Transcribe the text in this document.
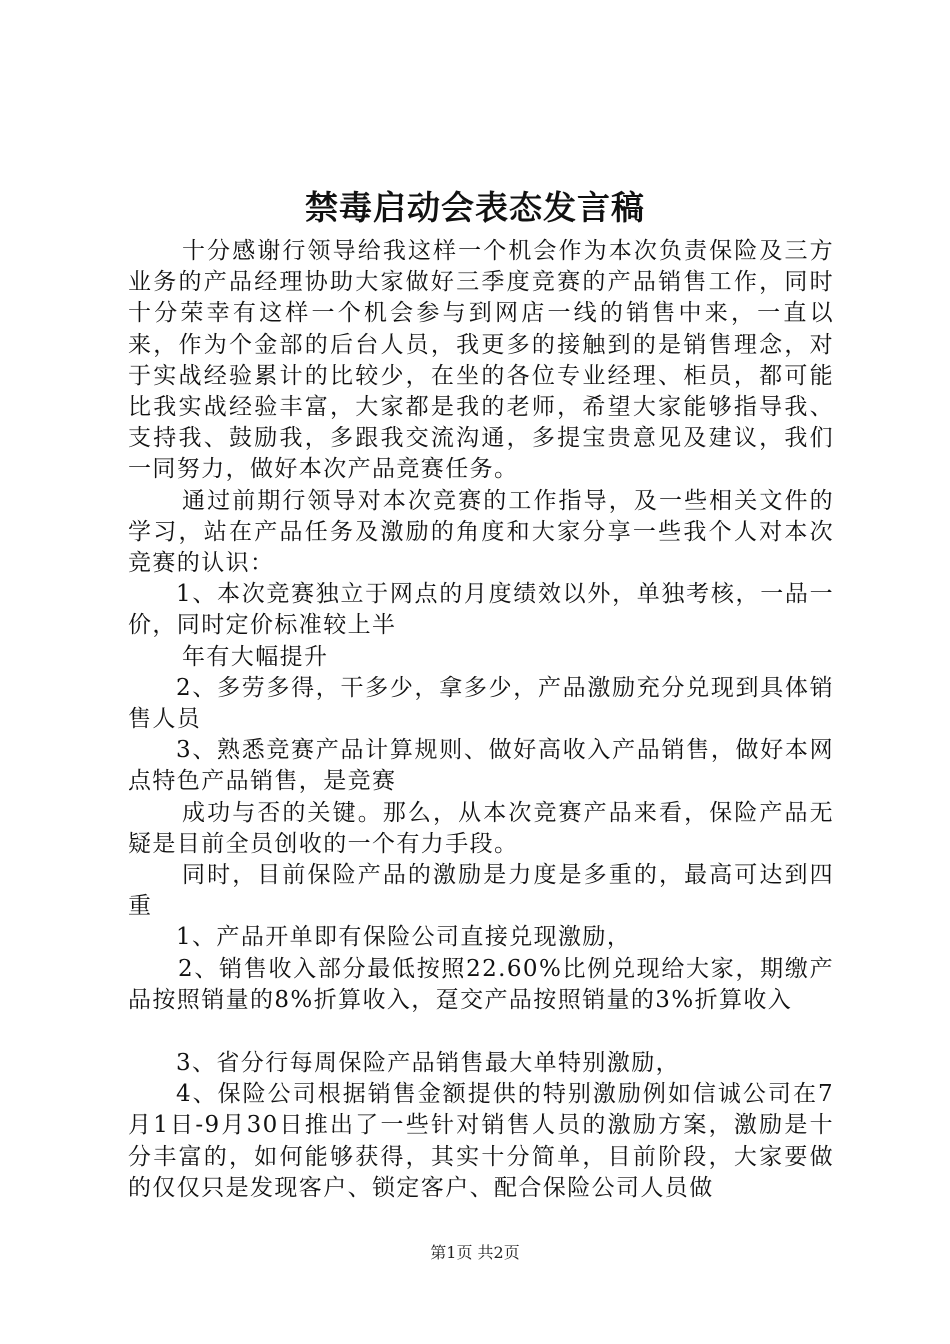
禁毒启动会表态发言稿

十分感谢行领导给我这样一个机会作为本次负责保险及三方业务的产品经理协助大家做好三季度竞赛的产品销售工作，同时十分荣幸有这样一个机会参与到网店一线的销售中来，一直以来，作为个金部的后台人员，我更多的接触到的是销售理念，对于实战经验累计的比较少，在坐的各位专业经理、柜员，都可能比我实战经验丰富，大家都是我的老师，希望大家能够指导我、支持我、鼓励我，多跟我交流沟通，多提宝贵意见及建议，我们一同努力，做好本次产品竞赛任务。

通过前期行领导对本次竞赛的工作指导，及一些相关文件的学习，站在产品任务及激励的角度和大家分享一些我个人对本次竞赛的认识：

1、本次竞赛独立于网点的月度绩效以外，单独考核，一品一价，同时定价标准较上半

年有大幅提升

2、多劳多得，干多少，拿多少，产品激励充分兑现到具体销售人员

3、熟悉竞赛产品计算规则、做好高收入产品销售，做好本网点特色产品销售，是竞赛

成功与否的关键。那么，从本次竞赛产品来看，保险产品无疑是目前全员创收的一个有力手段。

同时，目前保险产品的激励是力度是多重的，最高可达到四重

1、产品开单即有保险公司直接兑现激励，

2、销售收入部分最低按照22.60%比例兑现给大家，期缴产品按照销量的8%折算收入，趸交产品按照销量的3%折算收入

3、省分行每周保险产品销售最大单特别激励，

4、保险公司根据销售金额提供的特别激励例如信诚公司在7月1日-9月30日推出了一些针对销售人员的激励方案，激励是十分丰富的，如何能够获得，其实十分简单，目前阶段，大家要做的仅仅只是发现客户、锁定客户、配合保险公司人员做

第1页 共2页
